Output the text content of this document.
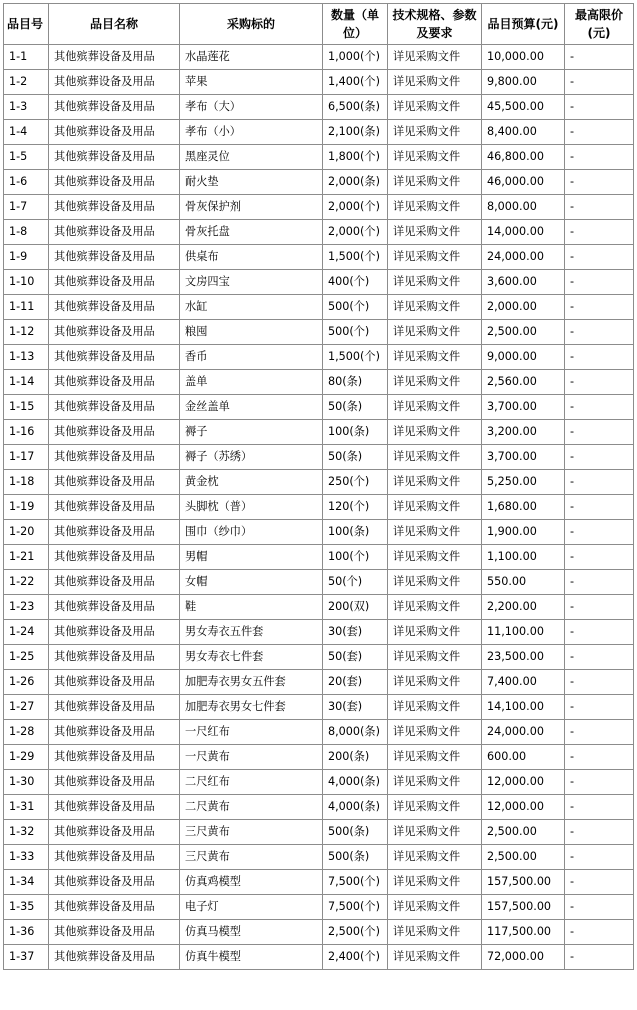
品目号	品目名称	采购标的	数量（单位）	技术规格、参数及要求	品目预算(元)	最高限价(元)
1-1	其他殡葬设备及用品	水晶莲花	1,000(个)	详见采购文件	10,000.00	-
1-2	其他殡葬设备及用品	苹果	1,400(个)	详见采购文件	9,800.00	-
1-3	其他殡葬设备及用品	孝布（大）	6,500(条)	详见采购文件	45,500.00	-
1-4	其他殡葬设备及用品	孝布（小）	2,100(条)	详见采购文件	8,400.00	-
1-5	其他殡葬设备及用品	黑座灵位	1,800(个)	详见采购文件	46,800.00	-
1-6	其他殡葬设备及用品	耐火垫	2,000(条)	详见采购文件	46,000.00	-
1-7	其他殡葬设备及用品	骨灰保护剂	2,000(个)	详见采购文件	8,000.00	-
1-8	其他殡葬设备及用品	骨灰托盘	2,000(个)	详见采购文件	14,000.00	-
1-9	其他殡葬设备及用品	供桌布	1,500(个)	详见采购文件	24,000.00	-
1-10	其他殡葬设备及用品	文房四宝	400(个)	详见采购文件	3,600.00	-
1-11	其他殡葬设备及用品	水缸	500(个)	详见采购文件	2,000.00	-
1-12	其他殡葬设备及用品	粮囤	500(个)	详见采购文件	2,500.00	-
1-13	其他殡葬设备及用品	香币	1,500(个)	详见采购文件	9,000.00	-
1-14	其他殡葬设备及用品	盖单	80(条)	详见采购文件	2,560.00	-
1-15	其他殡葬设备及用品	金丝盖单	50(条)	详见采购文件	3,700.00	-
1-16	其他殡葬设备及用品	褥子	100(条)	详见采购文件	3,200.00	-
1-17	其他殡葬设备及用品	褥子（苏绣）	50(条)	详见采购文件	3,700.00	-
1-18	其他殡葬设备及用品	黄金枕	250(个)	详见采购文件	5,250.00	-
1-19	其他殡葬设备及用品	头脚枕（普）	120(个)	详见采购文件	1,680.00	-
1-20	其他殡葬设备及用品	围巾（纱巾）	100(条)	详见采购文件	1,900.00	-
1-21	其他殡葬设备及用品	男帽	100(个)	详见采购文件	1,100.00	-
1-22	其他殡葬设备及用品	女帽	50(个)	详见采购文件	550.00	-
1-23	其他殡葬设备及用品	鞋	200(双)	详见采购文件	2,200.00	-
1-24	其他殡葬设备及用品	男女寿衣五件套	30(套)	详见采购文件	11,100.00	-
1-25	其他殡葬设备及用品	男女寿衣七件套	50(套)	详见采购文件	23,500.00	-
1-26	其他殡葬设备及用品	加肥寿衣男女五件套	20(套)	详见采购文件	7,400.00	-
1-27	其他殡葬设备及用品	加肥寿衣男女七件套	30(套)	详见采购文件	14,100.00	-
1-28	其他殡葬设备及用品	一尺红布	8,000(条)	详见采购文件	24,000.00	-
1-29	其他殡葬设备及用品	一尺黄布	200(条)	详见采购文件	600.00	-
1-30	其他殡葬设备及用品	二尺红布	4,000(条)	详见采购文件	12,000.00	-
1-31	其他殡葬设备及用品	二尺黄布	4,000(条)	详见采购文件	12,000.00	-
1-32	其他殡葬设备及用品	三尺黄布	500(条)	详见采购文件	2,500.00	-
1-33	其他殡葬设备及用品	三尺黄布	500(条)	详见采购文件	2,500.00	-
1-34	其他殡葬设备及用品	仿真鸡模型	7,500(个)	详见采购文件	157,500.00	-
1-35	其他殡葬设备及用品	电子灯	7,500(个)	详见采购文件	157,500.00	-
1-36	其他殡葬设备及用品	仿真马模型	2,500(个)	详见采购文件	117,500.00	-
1-37	其他殡葬设备及用品	仿真牛模型	2,400(个)	详见采购文件	72,000.00	-
